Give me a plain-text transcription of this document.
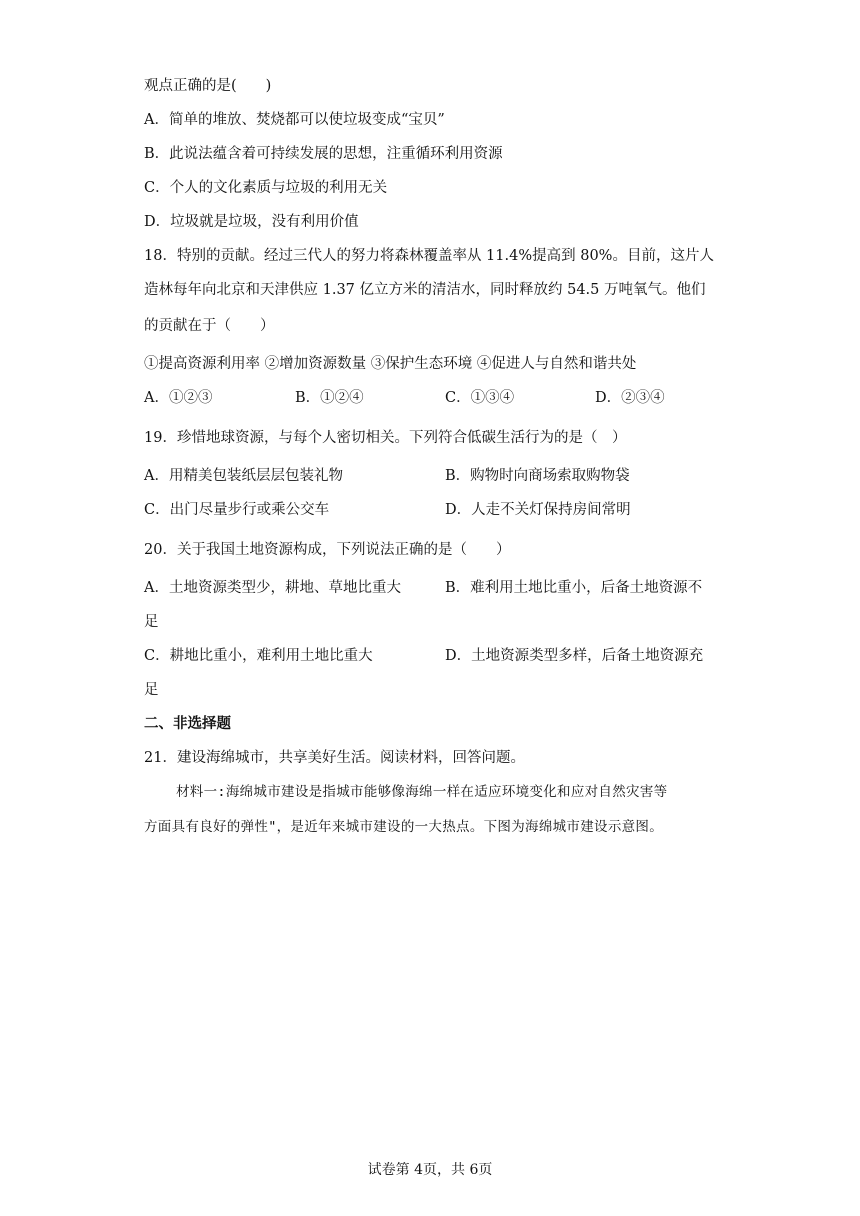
观点正确的是(　　)
A．简单的堆放、焚烧都可以使垃圾变成“宝贝”
B．此说法蕴含着可持续发展的思想，注重循环利用资源
C．个人的文化素质与垃圾的利用无关
D．垃圾就是垃圾，没有利用价值
18．特别的贡献。经过三代人的努力将森林覆盖率从 11.4%提高到 80%。目前，这片人
造林每年向北京和天津供应 1.37 亿立方米的清洁水，同时释放约 54.5 万吨氧气。他们
的贡献在于（　　）
①提高资源利用率 ②增加资源数量 ③保护生态环境 ④促进人与自然和谐共处
A．①②③	B．①②④	C．①③④	D．②③④
19．珍惜地球资源，与每个人密切相关。下列符合低碳生活行为的是（　）
A．用精美包装纸层层包装礼物	B．购物时向商场索取购物袋
C．出门尽量步行或乘公交车	D．人走不关灯保持房间常明
20．关于我国土地资源构成，下列说法正确的是（　　）
A．土地资源类型少，耕地、草地比重大	B．难利用土地比重小，后备土地资源不
足
C．耕地比重小，难利用土地比重大	D．土地资源类型多样，后备土地资源充
足
二、非选择题
21．建设海绵城市，共享美好生活。阅读材料，回答问题。
材料一:海绵城市建设是指城市能够像海绵一样在适应环境变化和应对自然灾害等
方面具有良好的弹性"，是近年来城市建设的一大热点。下图为海绵城市建设示意图。
试卷第 4页，共 6页
